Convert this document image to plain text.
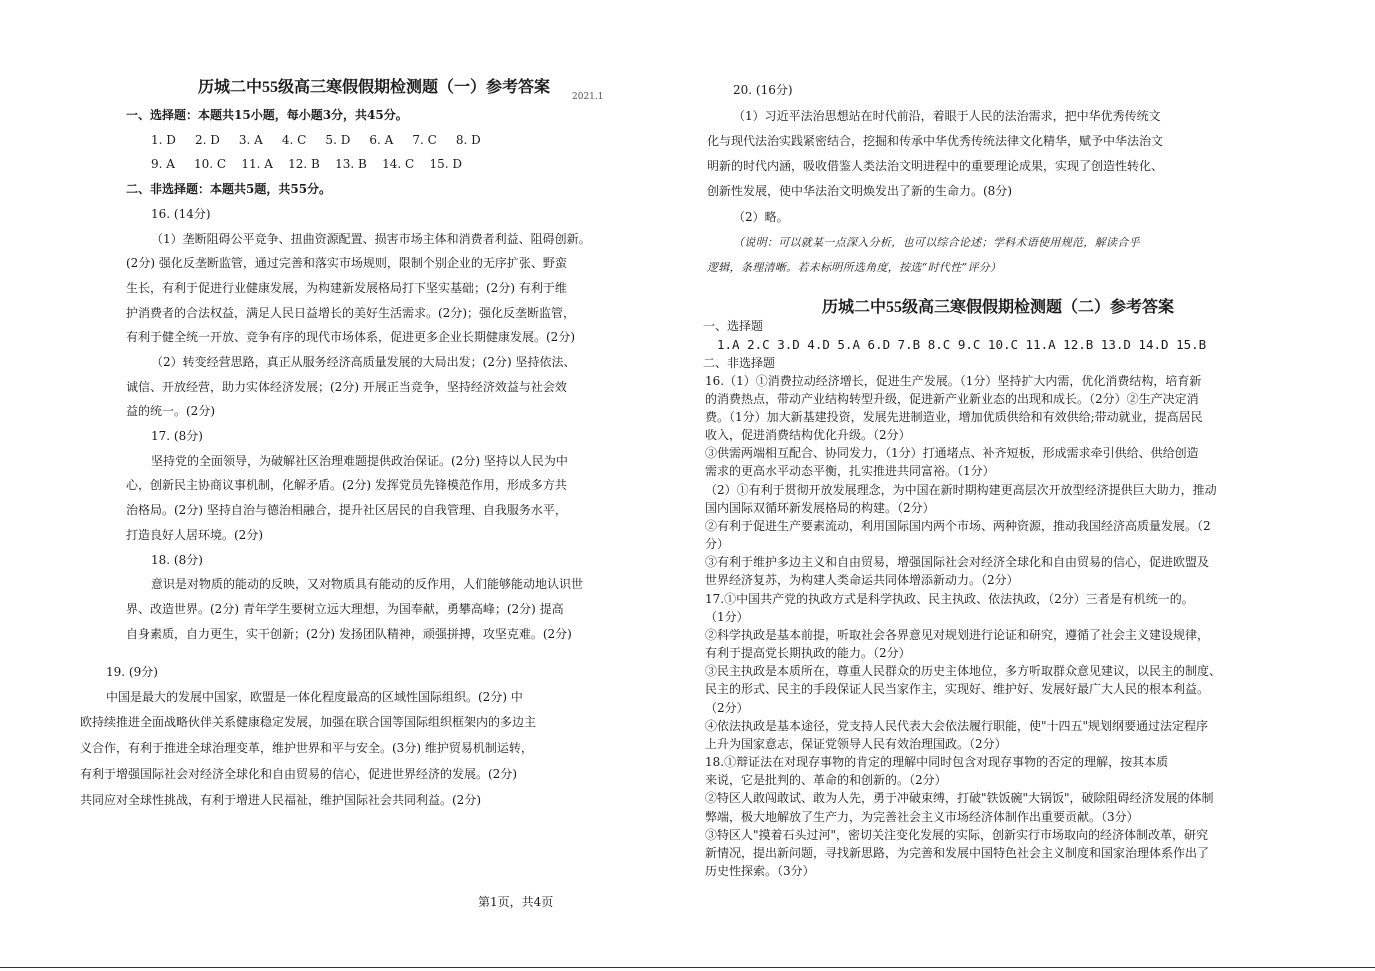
历城二中55级高三寒假假期检测题（一）参考答案
2021.1
一、选择题：本题共15小题，每小题3分，共45分。
1. D     2. D     3. A     4. C     5. D     6. A     7. C     8. D
9. A     10. C    11. A    12. B    13. B    14. C    15. D
二、非选择题：本题共5题，共55分。
16. (14分)
（1）垄断阻碍公平竞争、扭曲资源配置、损害市场主体和消费者利益、阻碍创新。
(2分) 强化反垄断监管，通过完善和落实市场规则，限制个别企业的无序扩张、野蛮
生长，有利于促进行业健康发展，为构建新发展格局打下坚实基础；(2分) 有利于维
护消费者的合法权益，满足人民日益增长的美好生活需求。(2分)；强化反垄断监管，
有利于健全统一开放、竞争有序的现代市场体系，促进更多企业长期健康发展。(2分)
（2）转变经营思路，真正从服务经济高质量发展的大局出发；(2分) 坚持依法、
诚信、开放经营，助力实体经济发展；(2分) 开展正当竞争，坚持经济效益与社会效
益的统一。(2分)
17. (8分)
坚持党的全面领导，为破解社区治理难题提供政治保证。(2分) 坚持以人民为中
心，创新民主协商议事机制，化解矛盾。(2分) 发挥党员先锋模范作用，形成多方共
治格局。(2分) 坚持自治与德治相融合，提升社区居民的自我管理、自我服务水平，
打造良好人居环境。(2分)
18. (8分)
意识是对物质的能动的反映，又对物质具有能动的反作用，人们能够能动地认识世
界、改造世界。(2分) 青年学生要树立远大理想，为国奉献，勇攀高峰；(2分) 提高
自身素质，自力更生，实干创新；(2分) 发扬团队精神，顽强拼搏，攻坚克难。(2分)
19. (9分)
中国是最大的发展中国家，欧盟是一体化程度最高的区域性国际组织。(2分) 中
欧持续推进全面战略伙伴关系健康稳定发展，加强在联合国等国际组织框架内的多边主
义合作，有利于推进全球治理变革，维护世界和平与安全。(3分) 维护贸易机制运转，
有利于增强国际社会对经济全球化和自由贸易的信心，促进世界经济的发展。(2分)
共同应对全球性挑战，有利于增进人民福祉，维护国际社会共同利益。(2分)
第1页，共4页
20. (16分)
（1）习近平法治思想站在时代前沿，着眼于人民的法治需求，把中华优秀传统文
化与现代法治实践紧密结合，挖掘和传承中华优秀传统法律文化精华，赋予中华法治文
明新的时代内涵，吸收借鉴人类法治文明进程中的重要理论成果，实现了创造性转化、
创新性发展，使中华法治文明焕发出了新的生命力。(8分)
（2）略。
（说明：可以就某一点深入分析，也可以综合论述；学科术语使用规范，解读合乎
逻辑，条理清晰。若未标明所选角度，按选“时代性”评分）
历城二中55级高三寒假假期检测题（二）参考答案
一、选择题
1.A 2.C 3.D 4.D 5.A 6.D 7.B 8.C 9.C 10.C 11.A 12.B 13.D 14.D 15.B
二、非选择题
16.（1）①消费拉动经济增长，促进生产发展。（1分）坚持扩大内需，优化消费结构，培育新
的消费热点，带动产业结构转型升级，促进新产业新业态的出现和成长。（2分）②生产决定消
费。（1分）加大新基建投资，发展先进制造业，增加优质供给和有效供给;带动就业，提高居民
收入，促进消费结构优化升级。（2分）
③供需两端相互配合、协同发力，（1分）打通堵点、补齐短板，形成需求牵引供给、供给创造
需求的更高水平动态平衡，扎实推进共同富裕。（1分）
（2）①有利于贯彻开放发展理念，为中国在新时期构建更高层次开放型经济提供巨大助力，推动
国内国际双循环新发展格局的构建。（2分）
②有利于促进生产要素流动，利用国际国内两个市场、两种资源，推动我国经济高质量发展。（2
分）
③有利于维护多边主义和自由贸易，增强国际社会对经济全球化和自由贸易的信心，促进欧盟及
世界经济复苏，为构建人类命运共同体增添新动力。（2分）
17.①中国共产党的执政方式是科学执政、民主执政、依法执政，（2分）三者是有机统一的。
（1分）
②科学执政是基本前提，听取社会各界意见对规划进行论证和研究，遵循了社会主义建设规律，
有利于提高党长期执政的能力。（2分）
③民主执政是本质所在，尊重人民群众的历史主体地位，多方听取群众意见建议，以民主的制度、
民主的形式、民主的手段保证人民当家作主，实现好、维护好、发展好最广大人民的根本利益。
（2分）
④依法执政是基本途径，党支持人民代表大会依法履行职能，使"十四五"规划纲要通过法定程序
上升为国家意志，保证党领导人民有效治理国政。（2分）
18.①辩证法在对现存事物的肯定的理解中同时包含对现存事物的否定的理解，按其本质
来说，它是批判的、革命的和创新的。（2分）
②特区人敢闯敢试、敢为人先，勇于冲破束缚，打破"铁饭碗"大锅饭"，破除阻碍经济发展的体制
弊端，极大地解放了生产力，为完善社会主义市场经济体制作出重要贡献。（3分）
③特区人"摸着石头过河"，密切关注变化发展的实际，创新实行市场取向的经济体制改革，研究
新情况，提出新问题，寻找新思路，为完善和发展中国特色社会主义制度和国家治理体系作出了
历史性探索。（3分）
